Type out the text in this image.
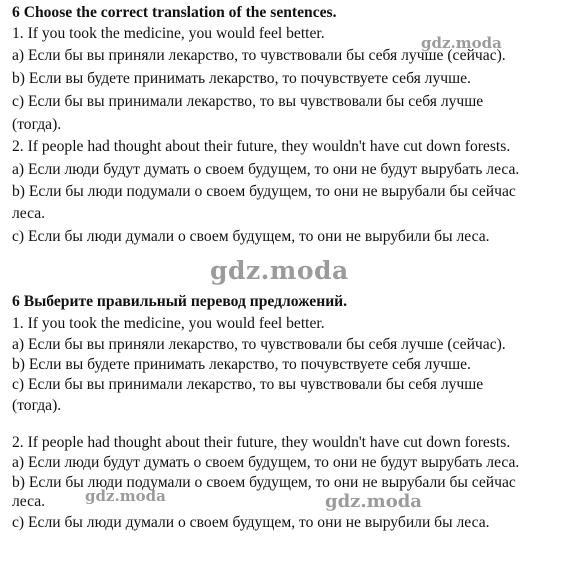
6 Choose the correct translation of the sentences.
1. If you took the medicine, you would feel better.
a) Если бы вы приняли лекарство, то чувствовали бы себя лучше (сейчас).
b) Если вы будете принимать лекарство, то почувствуете себя лучше.
c) Если бы вы принимали лекарство, то вы чувствовали бы себя лучше
(тогда).
2. If people had thought about their future, they wouldn't have cut down forests.
a) Если люди будут думать о своем будущем, то они не будут вырубать леса.
b) Если бы люди подумали о своем будущем, то они не вырубали бы сейчас
леса.
c) Если бы люди думали о своем будущем, то они не вырубили бы леса.
6 Выберите правильный перевод предложений.
1. If you took the medicine, you would feel better.
a) Если бы вы приняли лекарство, то чувствовали бы себя лучше (сейчас).
b) Если вы будете принимать лекарство, то почувствуете себя лучше.
c) Если бы вы принимали лекарство, то вы чувствовали бы себя лучше
(тогда).
2. If people had thought about their future, they wouldn't have cut down forests.
a) Если люди будут думать о своем будущем, то они не будут вырубать леса.
b) Если бы люди подумали о своем будущем, то они не вырубали бы сейчас
леса.
c) Если бы люди думали о своем будущем, то они не вырубили бы леса.
gdz.moda
gdz.moda
gdz.moda	gdz.moda
